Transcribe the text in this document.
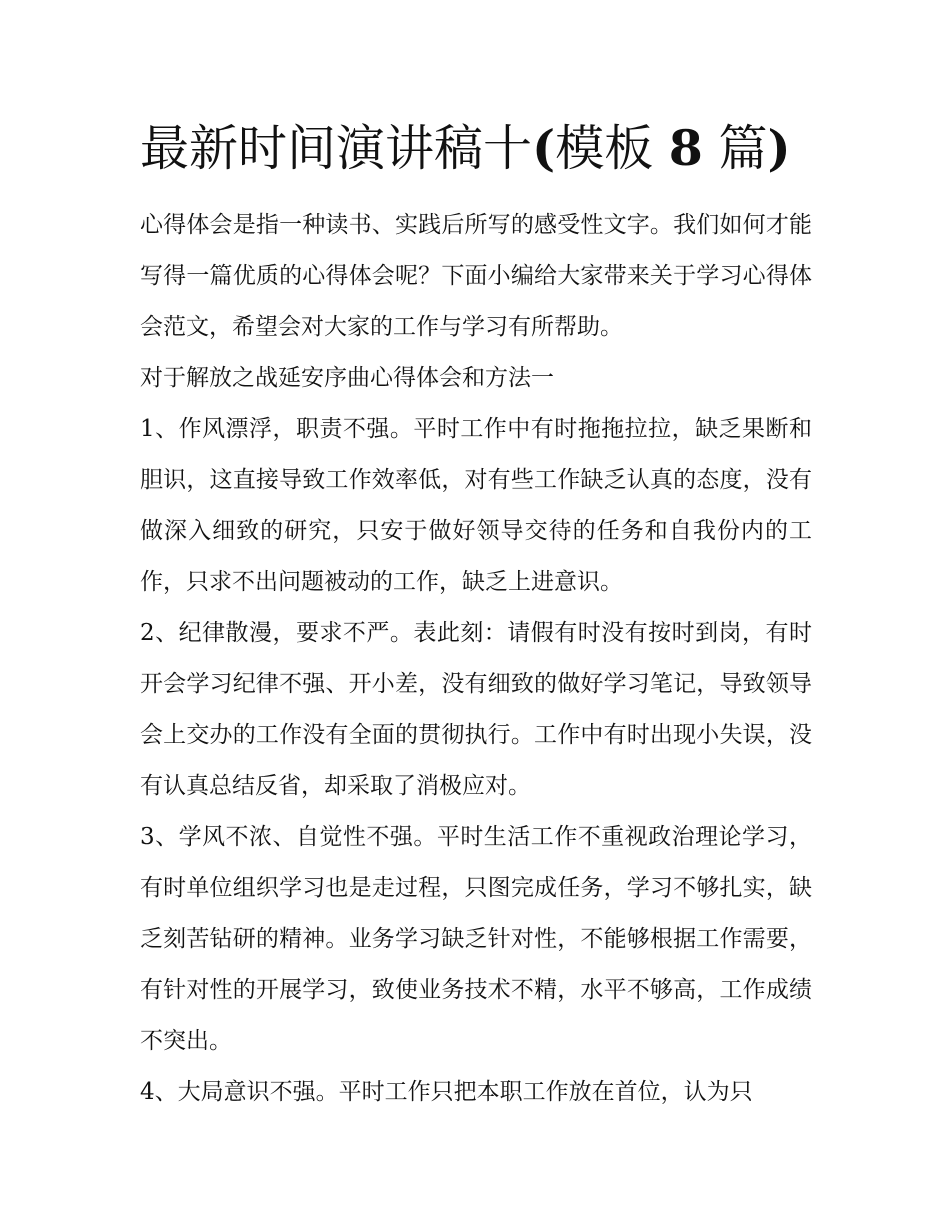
最新时间演讲稿十(模板 8 篇)

心得体会是指一种读书、实践后所写的感受性文字。我们如何才能写得一篇优质的心得体会呢？下面小编给大家带来关于学习心得体会范文，希望会对大家的工作与学习有所帮助。

对于解放之战延安序曲心得体会和方法一

1、作风漂浮，职责不强。平时工作中有时拖拖拉拉，缺乏果断和胆识，这直接导致工作效率低，对有些工作缺乏认真的态度，没有做深入细致的研究，只安于做好领导交待的任务和自我份内的工作，只求不出问题被动的工作，缺乏上进意识。

2、纪律散漫，要求不严。表此刻：请假有时没有按时到岗，有时开会学习纪律不强、开小差，没有细致的做好学习笔记，导致领导会上交办的工作没有全面的贯彻执行。工作中有时出现小失误，没有认真总结反省，却采取了消极应对。

3、学风不浓、自觉性不强。平时生活工作不重视政治理论学习，有时单位组织学习也是走过程，只图完成任务，学习不够扎实，缺乏刻苦钻研的精神。业务学习缺乏针对性，不能够根据工作需要，有针对性的开展学习，致使业务技术不精，水平不够高，工作成绩不突出。

4、大局意识不强。平时工作只把本职工作放在首位，认为只
